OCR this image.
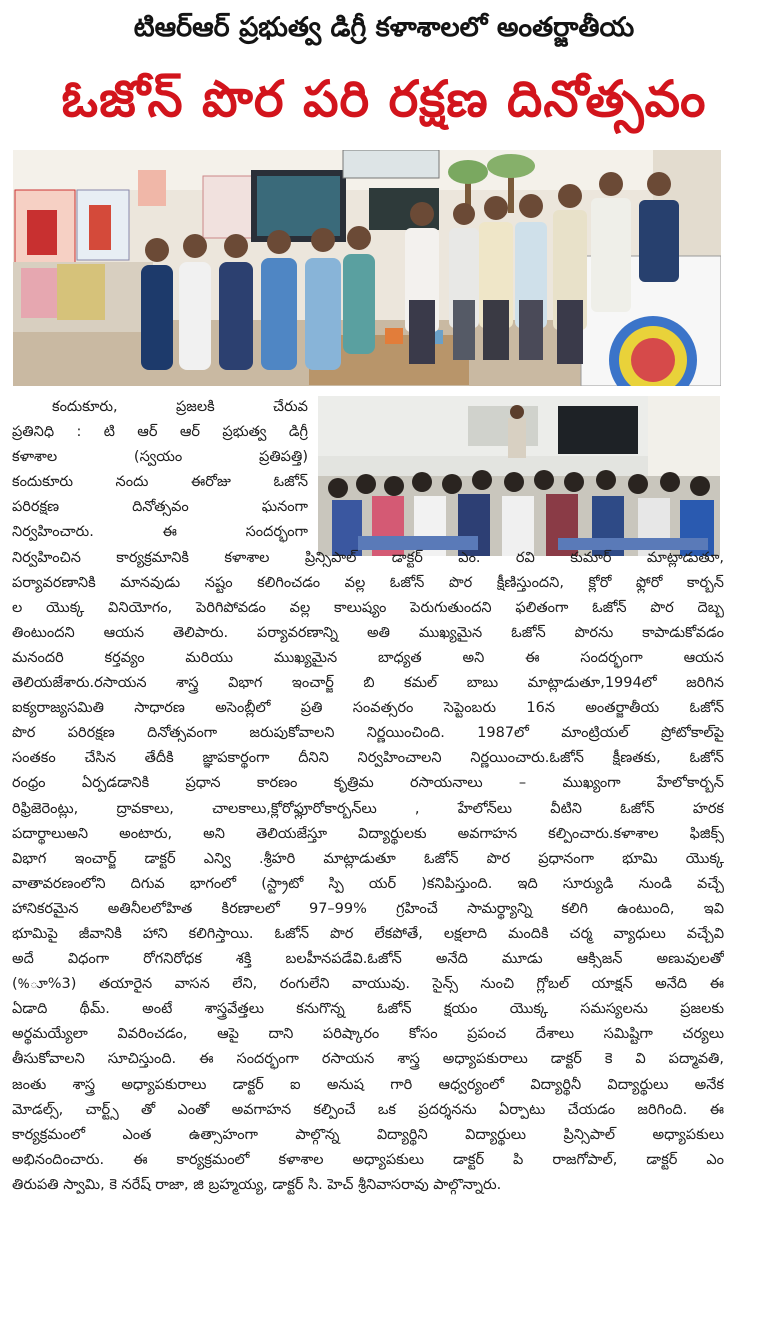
టిఆర్ఆర్ ప్రభుత్వ డిగ్రీ కళాశాలలో అంతర్జాతీయ
ఓజోన్ పొర పరి రక్షణ దినోత్సవం
కందుకూరు, ప్రజలకి చేరువ
ప్రతినిధి : టి ఆర్ ఆర్ ప్రభుత్వ డిగ్రీ
కళాశాల (స్వయం ప్రతిపత్తి)
కందుకూరు నందు ఈరోజు ఓజోన్
పరిరక్షణ దినోత్సవం ఘనంగా
నిర్వహించారు. ఈ సందర్భంగా
నిర్వహించిన కార్యక్రమానికి కళాశాల ప్రిన్సిపాల్ డాక్టర్ ఎం. రవి కుమార్ మాట్లాడుతూ,
పర్యావరణానికి మానవుడు నష్టం కలిగించడం వల్ల ఓజోన్ పొర క్షీణిస్తుందని, క్లోరో ఫ్లోరో కార్బన్
ల యొక్క వినియోగం, పెరిగిపోవడం వల్ల కాలుష్యం పెరుగుతుందని ఫలితంగా ఓజోన్ పొర దెబ్బ
తింటుందని ఆయన తెలిపారు. పర్యావరణాన్ని అతి ముఖ్యమైన ఓజోన్ పొరను కాపాడుకోవడం
మనందరి కర్తవ్యం మరియు ముఖ్యమైన బాధ్యత అని ఈ సందర్భంగా ఆయన
తెలియజేశారు.రసాయన శాస్త్ర విభాగ ఇంచార్జ్ బి కమల్ బాబు మాట్లాడుతూ,1994లో జరిగిన
ఐక్యరాజ్యసమితి సాధారణ అసెంబ్లీలో ప్రతి సంవత్సరం సెప్టెంబరు 16న అంతర్జాతీయ ఓజోన్
పొర పరిరక్షణ దినోత్సవంగా జరుపుకోవాలని నిర్ణయించింది. 1987లో మాంట్రియల్ ప్రోటోకాల్‌పై
సంతకం చేసిన తేదీకి జ్ఞాపకార్థంగా దీనిని నిర్వహించాలని నిర్ణయించారు.ఓజోన్ క్షీణతకు, ఓజోన్
రంధ్రం ఏర్పడడానికి ప్రధాన కారణం కృత్రిమ రసాయనాలు – ముఖ్యంగా హేలోకార్బన్
రిఫ్రిజెరెంట్లు, ద్రావకాలు, చాలకాలు,క్లోరోఫ్లూరోకార్బన్‌లు , హేలోన్‌లు వీటిని ఓజోన్ హరక
పదార్థాలుఅని అంటారు, అని తెలియజేస్తూ విద్యార్థులకు అవగాహన కల్పించారు.కళాశాల ఫిజిక్స్
విభాగ ఇంచార్జ్ డాక్టర్ ఎన్వి .శ్రీహరి మాట్లాడుతూ ఓజోన్ పొర ప్రధానంగా భూమి యొక్క
వాతావరణంలోని దిగువ భాగంలో (స్ట్రాటో స్పి యర్ )కనిపిస్తుంది. ఇది సూర్యుడి నుండి వచ్చే
హానికరమైన అతినీలలోహిత కిరణాలలో 97–99% గ్రహించే సామర్థ్యాన్ని కలిగి ఉంటుంది, ఇవి
భూమిపై జీవానికి హాని కలిగిస్తాయి. ఓజోన్ పొర లేకపోతే, లక్షలాది మందికి చర్మ వ్యాధులు వచ్చేవి
అదే విధంగా రోగనిరోధక శక్తి బలహీనపడేవి.ఓజోన్ అనేది మూడు ఆక్సిజన్ అణువులతో
(%ూ%3) తయారైన వాసన లేని, రంగులేని వాయువు. సైన్స్ నుంచి గ్లోబల్ యాక్షన్ అనేది ఈ
ఏడాది థీమ్. అంటే శాస్త్రవేత్తలు కనుగొన్న ఓజోన్ క్షయం యొక్క సమస్యలను ప్రజలకు
అర్థమయ్యేలా వివరించడం, ఆపై దాని పరిష్కారం కోసం ప్రపంచ దేశాలు సమిష్టిగా చర్యలు
తీసుకోవాలని సూచిస్తుంది. ఈ సందర్భంగా రసాయన శాస్త్ర అధ్యాపకురాలు డాక్టర్ కె వి పద్మావతి,
జంతు శాస్త్ర అధ్యాపకురాలు డాక్టర్ ఐ అనుష గారి ఆధ్వర్యంలో విద్యార్థినీ విద్యార్థులు అనేక
మోడల్స్, చార్ట్స్ తో ఎంతో అవగాహన కల్పించే ఒక ప్రదర్శనను ఏర్పాటు చేయడం జరిగింది. ఈ
కార్యక్రమంలో ఎంత ఉత్సాహంగా పాల్గొన్న విద్యార్థిని విద్యార్థులు ప్రిన్సిపాల్ అధ్యాపకులు
అభినందించారు. ఈ కార్యక్రమంలో కళాశాల అధ్యాపకులు డాక్టర్ పి రాజగోపాల్, డాక్టర్ ఎం
తిరుపతి స్వామి, కె నరేష్ రాజా, జి బ్రహ్మయ్య, డాక్టర్ సి. హెచ్ శ్రీనివాసరావు పాల్గొన్నారు.
